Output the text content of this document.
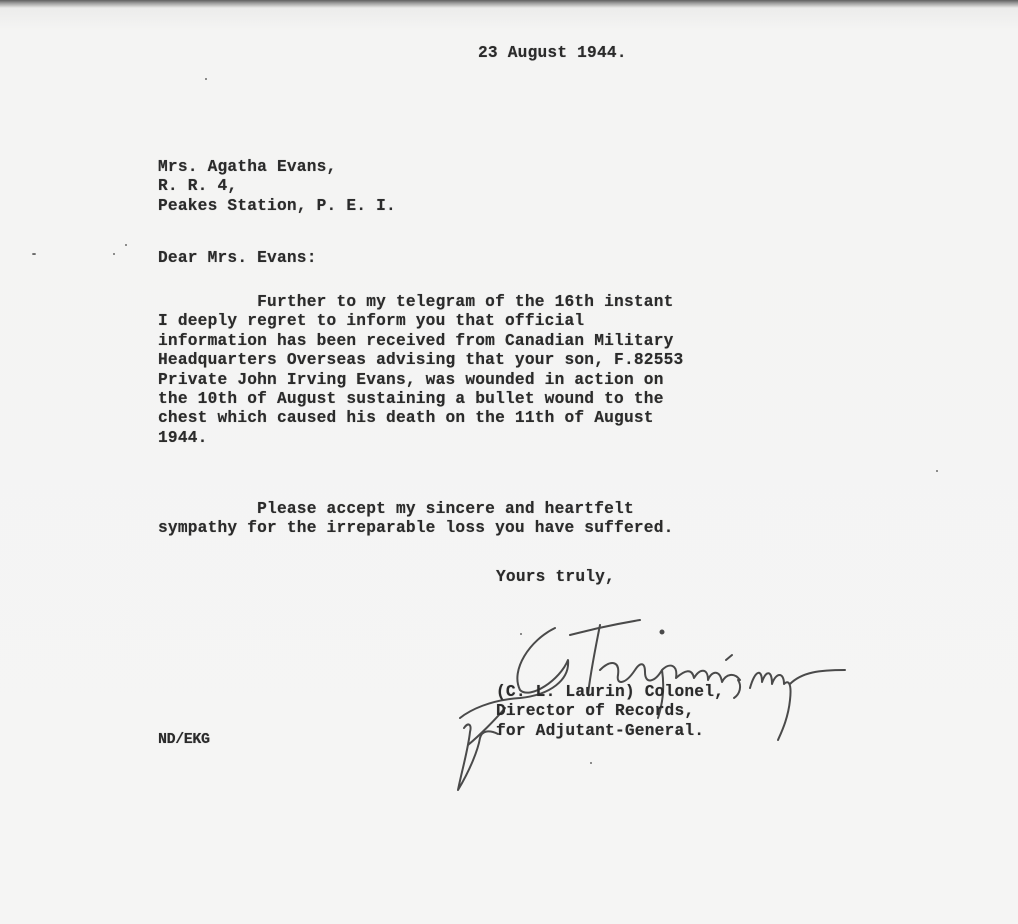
23 August 1944.
Mrs. Agatha Evans,
R. R. 4,
Peakes Station, P. E. I.
Dear Mrs. Evans:
Further to my telegram of the 16th instant
I deeply regret to inform you that official
information has been received from Canadian Military
Headquarters Overseas advising that your son, F.82553
Private John Irving Evans, was wounded in action on
the 10th of August sustaining a bullet wound to the
chest which caused his death on the 11th of August
1944.
Please accept my sincere and heartfelt
sympathy for the irreparable loss you have suffered.
Yours truly,
(C. L. Laurin) Colonel,
Director of Records,
for Adjutant-General.
ND/EKG
